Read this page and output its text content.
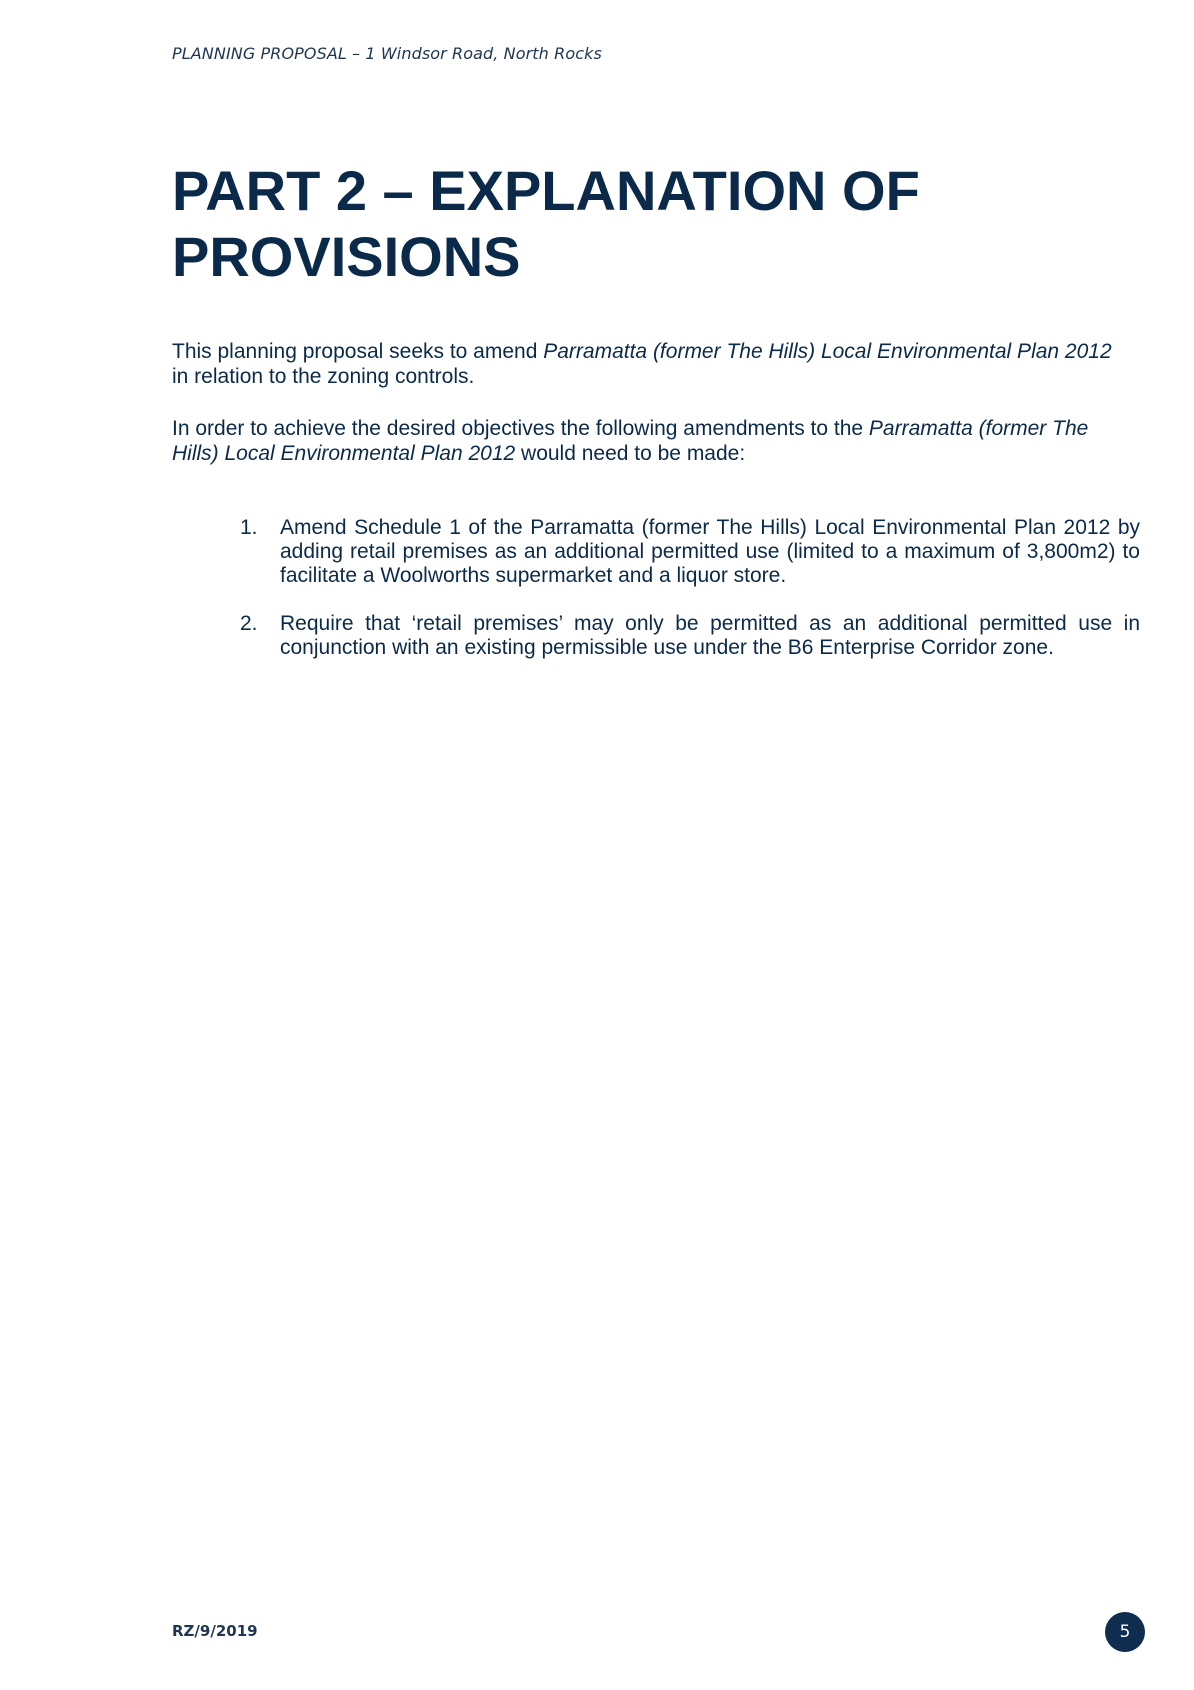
PLANNING PROPOSAL – 1 Windsor Road, North Rocks
PART 2 – EXPLANATION OF
PROVISIONS

This planning proposal seeks to amend Parramatta (former The Hills) Local Environmental Plan 2012 in relation to the zoning controls.

In order to achieve the desired objectives the following amendments to the Parramatta (former The Hills) Local Environmental Plan 2012 would need to be made:

1.	Amend Schedule 1 of the Parramatta (former The Hills) Local Environmental Plan 2012 by adding retail premises as an additional permitted use (limited to a maximum of 3,800m2) to facilitate a Woolworths supermarket and a liquor store.
2.	Require that ‘retail premises’ may only be permitted as an additional permitted use in conjunction with an existing permissible use under the B6 Enterprise Corridor zone.
RZ/9/2019	5
